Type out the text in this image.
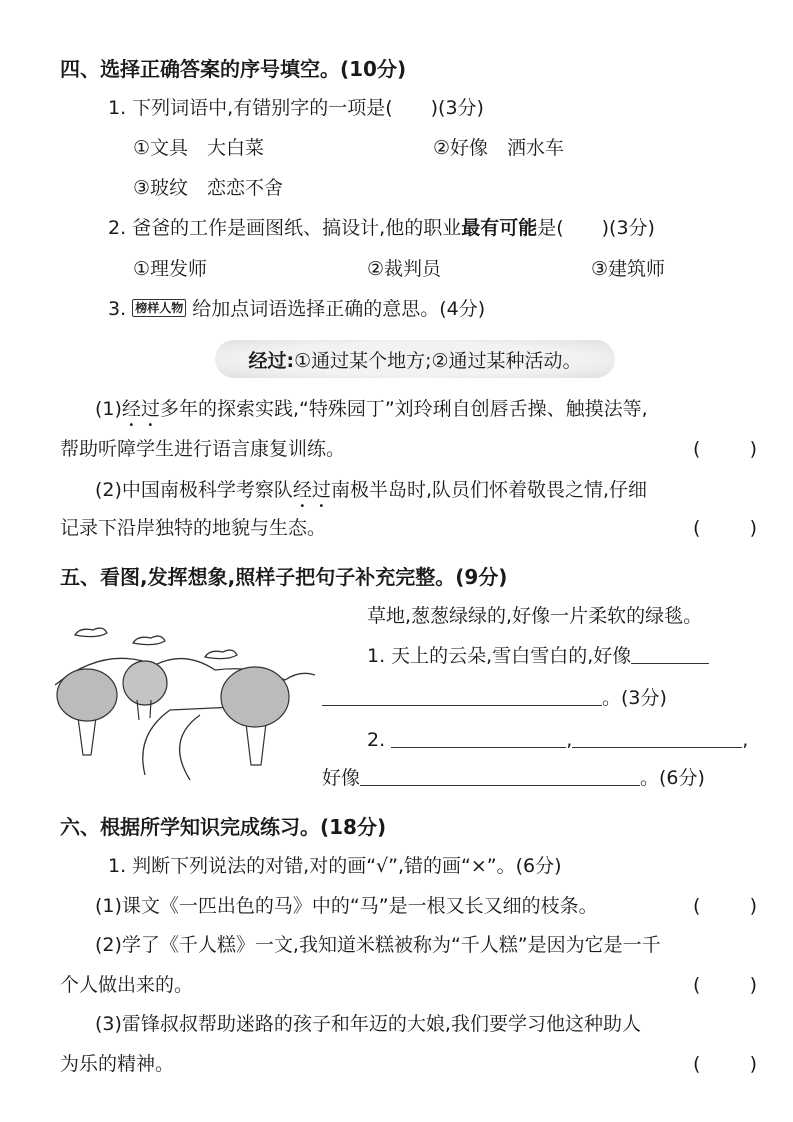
四、选择正确答案的序号填空。(10分)
1. 下列词语中,有错别字的一项是(　　)(3分)
①文具　大白菜	②好像　洒水车
③玻纹　恋恋不舍
2. 爸爸的工作是画图纸、搞设计,他的职业最有可能是(　　)(3分)
①理发师	②裁判员	③建筑师
3. 榜样人物 给加点词语选择正确的意思。(4分)
经过: ①通过某个地方;②通过某种活动。
(1)经过多年的探索实践,“特殊园丁”刘玲琍自创唇舌操、触摸法等,
帮助听障学生进行语言康复训练。	(	)
(2)中国南极科学考察队经过南极半岛时,队员们怀着敬畏之情,仔细
记录下沿岸独特的地貌与生态。	(	)
五、看图,发挥想象,照样子把句子补充完整。(9分)
草地,葱葱绿绿的,好像一片柔软的绿毯。
1. 天上的云朵,雪白雪白的,好像
。(3分)
2.	,	,
好像	。(6分)
六、根据所学知识完成练习。(18分)
1. 判断下列说法的对错,对的画“√”,错的画“×”。(6分)
(1)课文《一匹出色的马》中的“马”是一根又长又细的枝条。	(	)
(2)学了《千人糕》一文,我知道米糕被称为“千人糕”是因为它是一千
个人做出来的。	(	)
(3)雷锋叔叔帮助迷路的孩子和年迈的大娘,我们要学习他这种助人
为乐的精神。	(	)
